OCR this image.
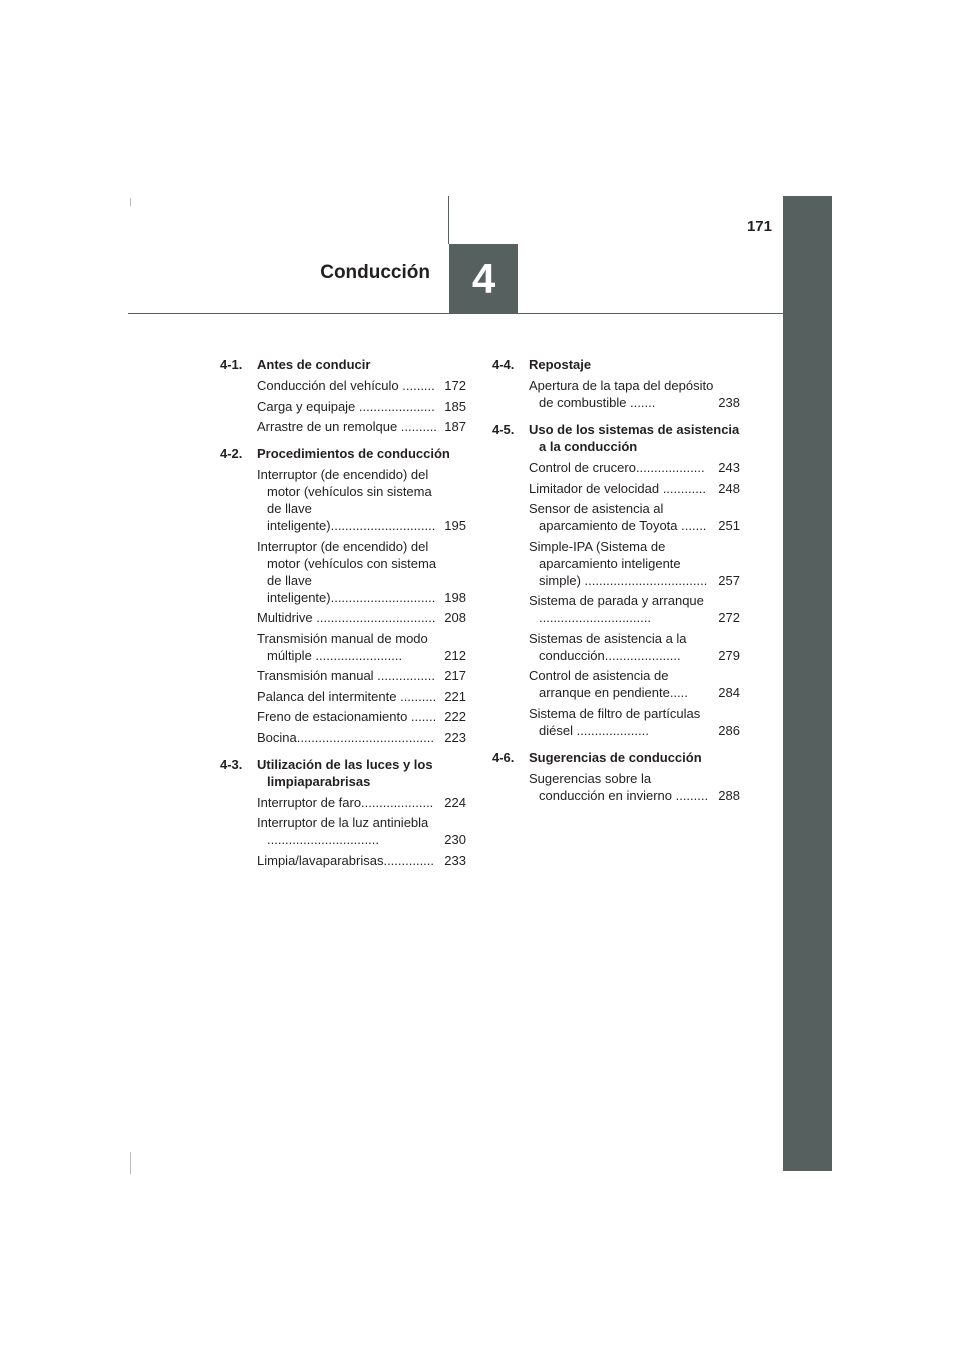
171
Conducción 4
4-1. Antes de conducir
Conducción del vehículo ......... 172
Carga y equipaje ..................... 185
Arrastre de un remolque .......... 187
4-2. Procedimientos de conducción
Interruptor (de encendido) del motor (vehículos sin sistema de llave inteligente)............................. 195
Interruptor (de encendido) del motor (vehículos con sistema de llave inteligente)............................. 198
Multidrive ................................. 208
Transmisión manual de modo múltiple ........................	212
Transmisión manual ................ 217
Palanca del intermitente .......... 221
Freno de estacionamiento ....... 222
Bocina...................................... 223
4-3. Utilización de las luces y los limpiaparabrisas
Interruptor de faro.................... 224
Interruptor de la luz antiniebla ...............................	230
Limpia/lavaparabrisas.............. 233
4-4. Repostaje
Apertura de la tapa del depósito de combustible .......	238
4-5. Uso de los sistemas de asistencia a la conducción
Control de crucero...................	243
Limitador de velocidad ............ 248
Sensor de asistencia al aparcamiento de Toyota ....... 251
Simple-IPA (Sistema de aparcamiento inteligente simple) .................................. 257
Sistema de parada y arranque ...............................	272
Sistemas de asistencia a la conducción.....................	279
Control de asistencia de arranque en pendiente.....	284
Sistema de filtro de partículas diésel ....................	286
4-6. Sugerencias de conducción
Sugerencias sobre la conducción en invierno ......... 288
